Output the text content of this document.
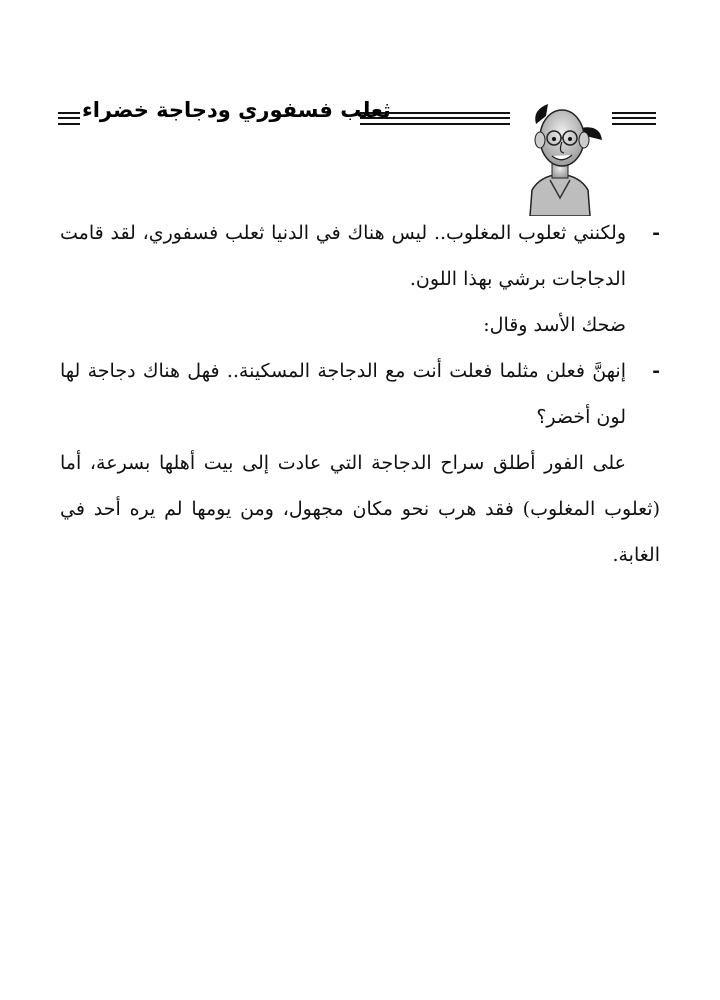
ثعلب فسفوري ودجاجة خضراء

-
ولكنني ثعلوب المغلوب.. ليس هناك في الدنيا ثعلب فسفوري، لقد قامت الدجاجات برشي بهذا اللون.

ضحك الأسد وقال:

-
إنهنَّ فعلن مثلما فعلت أنت مع الدجاجة المسكينة.. فهل هناك دجاجة لها لون أخضر؟

على الفور أطلق سراح الدجاجة التي عادت إلى بيت أهلها بسرعة، أما (ثعلوب المغلوب) فقد هرب نحو مكان مجهول، ومن يومها لم يره أحد في الغابة.
